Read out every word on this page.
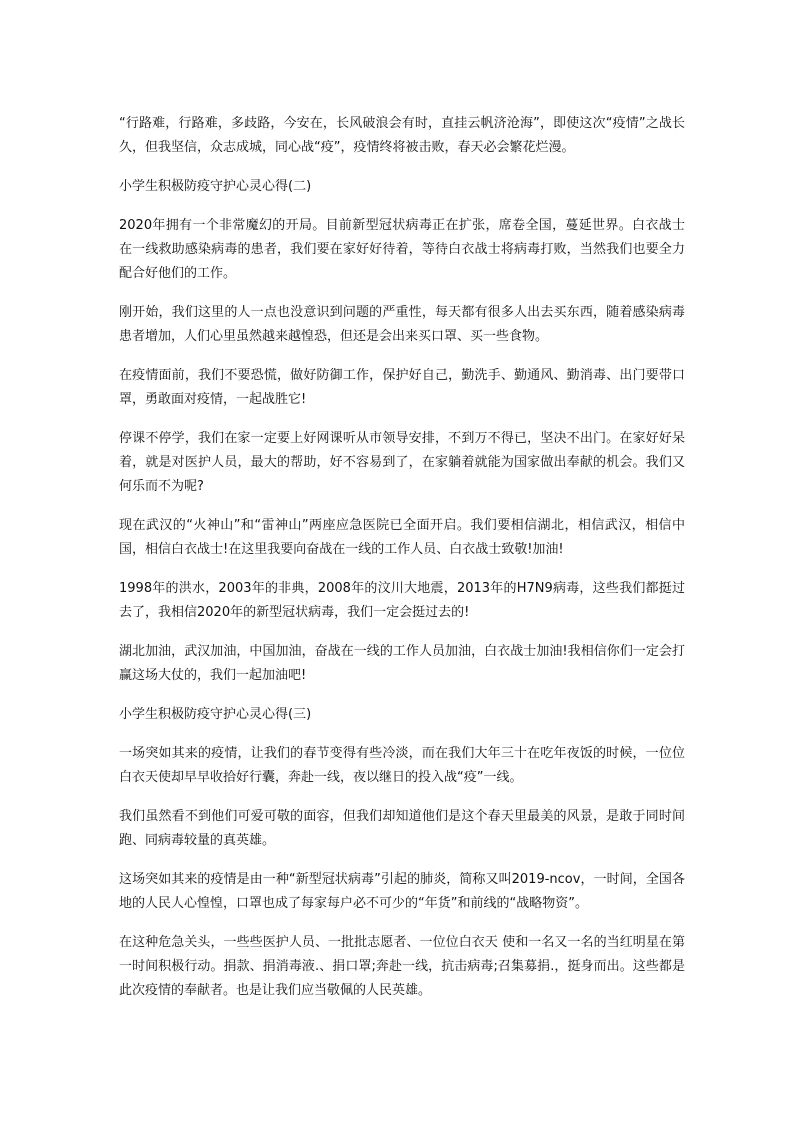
“行路难，行路难，多歧路，今安在，长风破浪会有时，直挂云帆济沧海”，即使这次“疫情”之战长久，但我坚信，众志成城，同心战“疫”，疫情终将被击败，春天必会繁花烂漫。

小学生积极防疫守护心灵心得(二)

2020年拥有一个非常魔幻的开局。目前新型冠状病毒正在扩张，席卷全国，蔓延世界。白衣战士在一线救助感染病毒的患者，我们要在家好好待着，等待白衣战士将病毒打败，当然我们也要全力配合好他们的工作。

刚开始，我们这里的人一点也没意识到问题的严重性，每天都有很多人出去买东西，随着感染病毒患者增加，人们心里虽然越来越惶恐，但还是会出来买口罩、买一些食物。

在疫情面前，我们不要恐慌，做好防御工作，保护好自己，勤洗手、勤通风、勤消毒、出门要带口罩，勇敢面对疫情，一起战胜它!

停课不停学，我们在家一定要上好网课听从市领导安排，不到万不得已，坚决不出门。在家好好呆着，就是对医护人员，最大的帮助，好不容易到了，在家躺着就能为国家做出奉献的机会。我们又何乐而不为呢?

现在武汉的“火神山”和“雷神山”两座应急医院已全面开启。我们要相信湖北，相信武汉，相信中国，相信白衣战士!在这里我要向奋战在一线的工作人员、白衣战士致敬!加油!

1998年的洪水，2003年的非典，2008年的汶川大地震，2013年的H7N9病毒，这些我们都挺过去了，我相信2020年的新型冠状病毒，我们一定会挺过去的!

湖北加油，武汉加油，中国加油，奋战在一线的工作人员加油，白衣战士加油!我相信你们一定会打赢这场大仗的，我们一起加油吧!

小学生积极防疫守护心灵心得(三)

一场突如其来的疫情，让我们的春节变得有些冷淡，而在我们大年三十在吃年夜饭的时候，一位位白衣天使却早早收拾好行囊，奔赴一线，夜以继日的投入战“疫”一线。

我们虽然看不到他们可爱可敬的面容，但我们却知道他们是这个春天里最美的风景，是敢于同时间跑、同病毒较量的真英雄。

这场突如其来的疫情是由一种“新型冠状病毒”引起的肺炎，简称又叫2019-ncov，一时间，全国各地的人民人心惶惶，口罩也成了每家每户必不可少的“年货”和前线的“战略物资”。

在这种危急关头，一些些医护人员、一批批志愿者、一位位白衣天 使和一名又一名的当红明星在第一时间积极行动。捐款、捐消毒液.、捐口罩;奔赴一线，抗击病毒;召集募捐.，挺身而出。这些都是此次疫情的奉献者。也是让我们应当敬佩的人民英雄。
